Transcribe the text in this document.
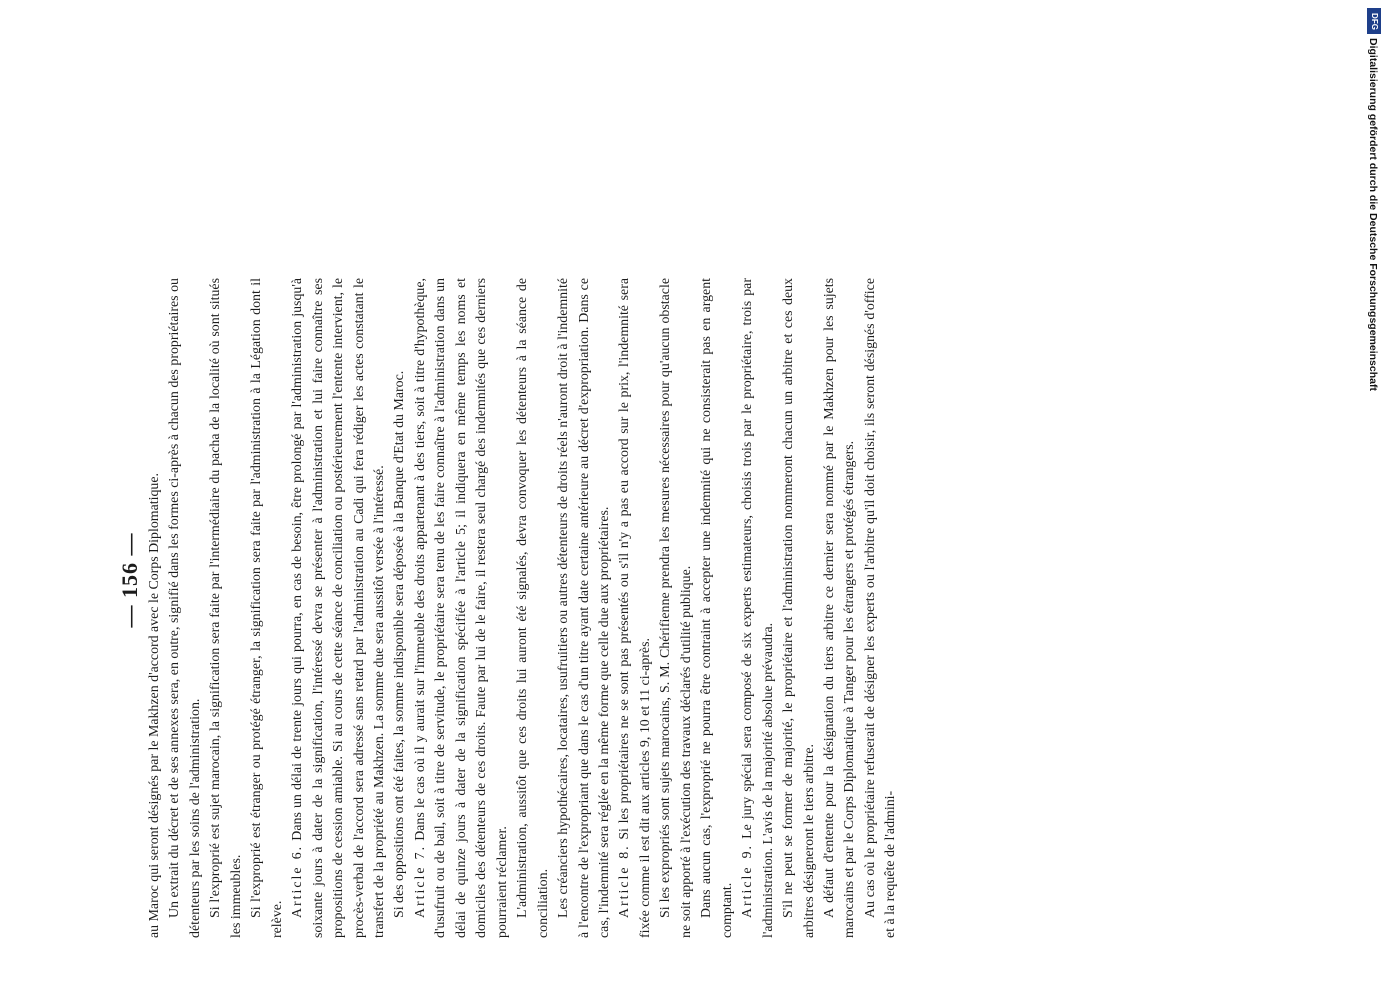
— 156 — au Maroc qui seront désignés par le Makhzen d'accord avec le Corps Diplomatique. Un extrait du décret et de ses annexes sera, en outre, signifié dans les formes ci-après à chacun des propriétaires ou détenteurs par les soins de l'administration. Si l'exproprié est sujet marocain, la signification sera faite par l'intermédiaire du pacha de la localité où sont situés les immeubles. Si l'exproprié est étranger ou protégé étranger, la signification sera faite par l'administration à la Légation dont il relève.

Article 6. Dans un délai de trente jours qui pourra, en cas de besoin, être prolongé par l'administration jusqu'à soixante jours à dater de la signification, l'intéressé devra se présenter à l'administration et lui faire connaître ses propositions de cession amiable. Si au cours de cette séance de conciliation ou postérieurement l'entente intervient, le procès-verbal de l'accord sera adressé sans retard par l'administration au Cadi qui fera rédiger les actes constatant le transfert de la propriété au Makhzen. La somme due sera aussitôt versée à l'intéressé. Si des oppositions ont été faites, la somme indisponible sera déposée à la Banque d'Etat du Maroc. Article 7. Dans le cas où il y aurait sur l'immeuble des droits appartenant à des tiers, soit à titre d'hypothèque, d'usufruit ou de bail, soit à titre de servitude, le propriétaire sera tenu de les faire connaître à l'administration dans un délai de quinze jours à dater de la signification spécifiée à l'article 5; il indiquera en même temps les noms et domiciles des détenteurs de ces droits. Faute par lui de le faire, il restera seul chargé des indemnités que ces derniers pourraient réclamer. L'administration, aussitôt que ces droits lui auront été signalés, devra convoquer les détenteurs à la séance de conciliation. Les créanciers hypothécaires, locataires, usufruitiers ou autres détenteurs de droits réels n'auront droit à l'indemnité à l'encontre de l'expropriant que dans le cas d'un titre ayant date certaine antérieure au décret d'expropriation. Dans ce cas, l'indemnité sera réglée en la même forme que celle due aux propriétaires. Article 8. Si les propriétaires ne se sont pas présentés ou s'il n'y a pas eu accord sur le prix, l'indemnité sera fixée comme il est dit aux articles 9, 10 et 11 ci-après. Si les expropriés sont sujets marocains, S. M. Chérifienne prendra les mesures nécessaires pour qu'aucun obstacle ne soit apporté à l'exécution des travaux déclarés d'utilité publique. Dans aucun cas, l'exproprié ne pourra être contraint à accepter une indemnité qui ne consisterait pas en argent comptant. Article 9. Le jury spécial sera composé de six experts estimateurs, choisis trois par le propriétaire, trois par l'administration. L'avis de la majorité absolue prévaudra. S'il ne peut se former de majorité, le propriétaire et l'administration nommeront chacun un arbitre et ces deux arbitres désigneront le tiers arbitre. A défaut d'entente pour la désignation du tiers arbitre ce dernier sera nommé par le Makhzen pour les sujets marocains et par le Corps Diplomatique à Tanger pour les étrangers et protégés étrangers. Au cas où le propriétaire refuserait de désigner les experts ou l'arbitre qu'il doit choisir, ils seront désignés d'office et à la requête de l'admini-

DFG
Digitalisierung gefördert durch die Deutsche Forschungsgemeinschaft
